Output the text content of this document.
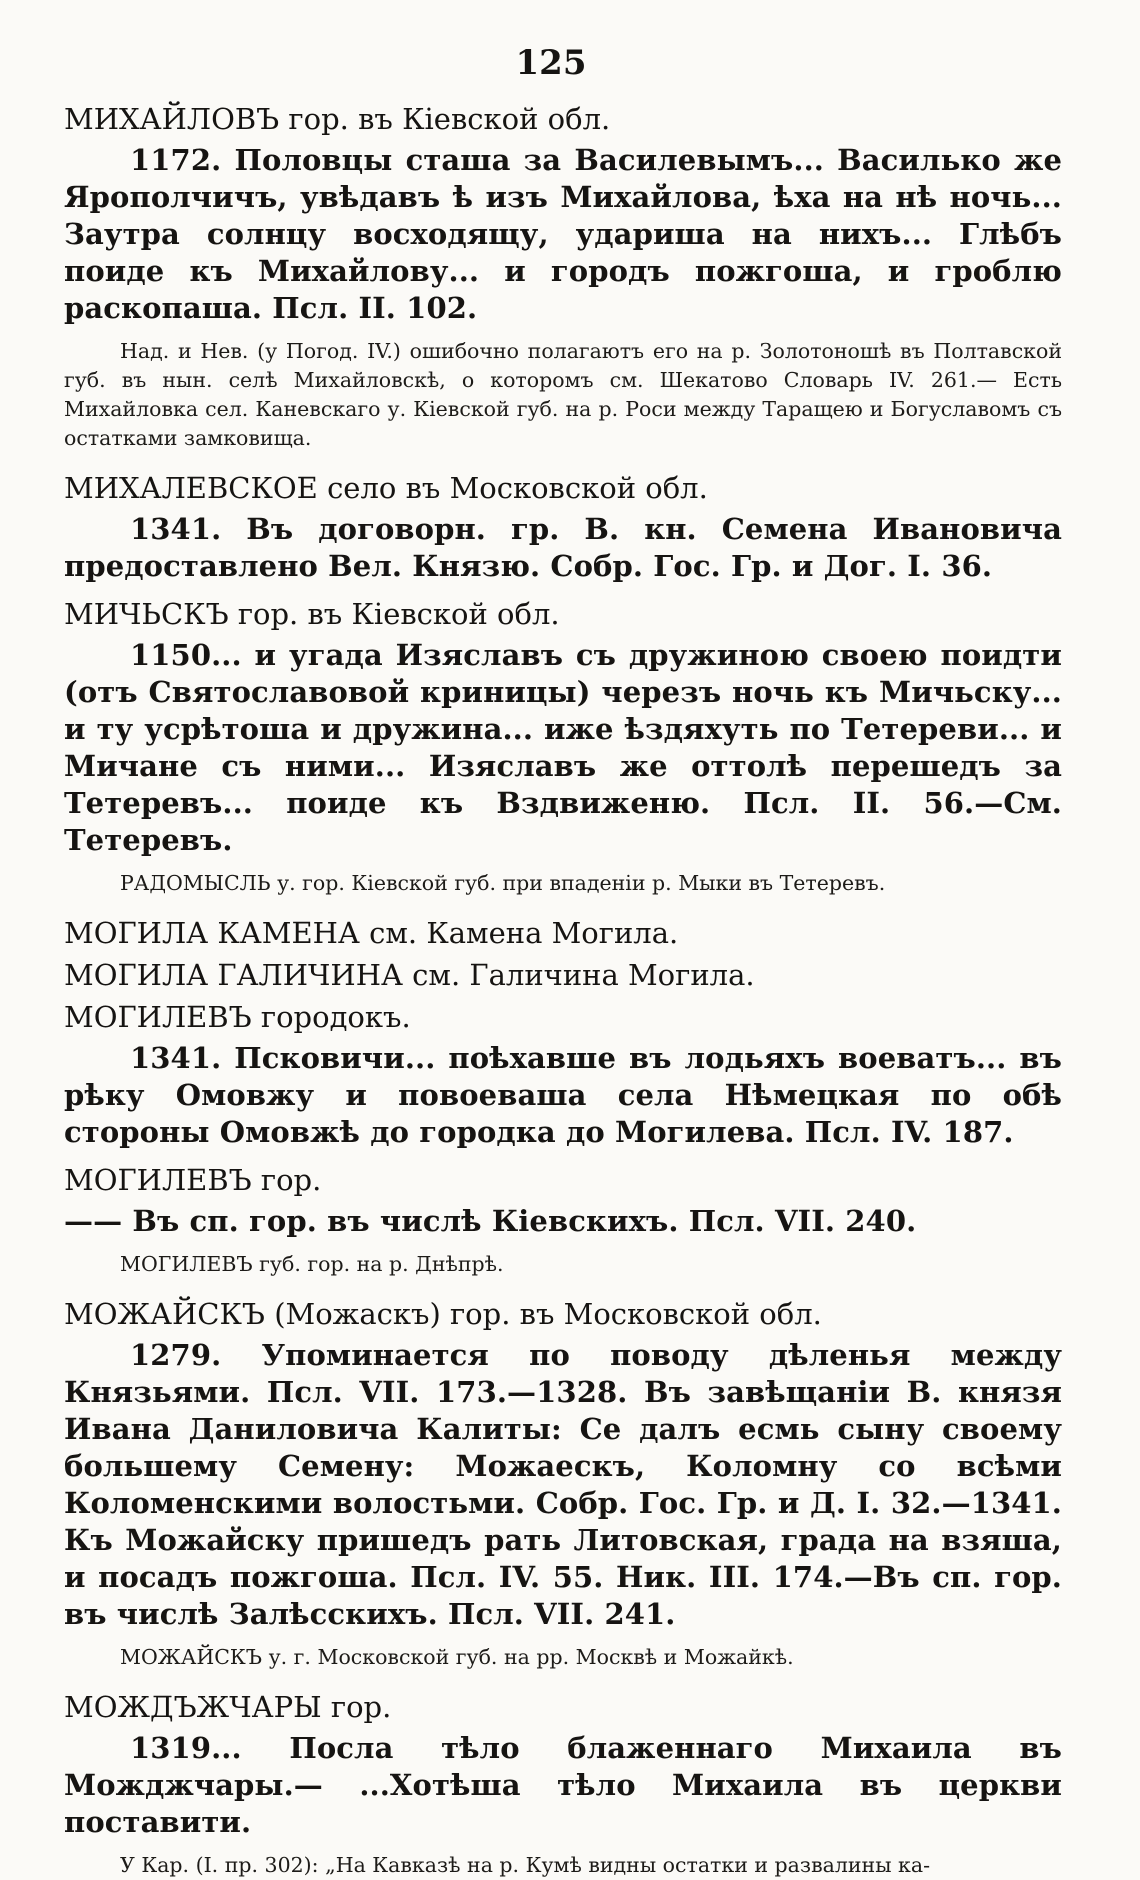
125

МИХАЙЛОВЪ гор. въ Кiевской обл.

1172. Половцы сташа за Василевымъ... Василько же Ярополчичъ, увѣдавъ ѣ изъ Михайлова, ѣха на нѣ ночь... Заутра солнцу восходящу, удариша на нихъ... Глѣбъ поиде къ Михайлову... и городъ пожгоша, и гроблю раскопаша. Псл. II. 102.

Над. и Нев. (у Погод. IV.) ошибочно полагаютъ его на р. Золотоношѣ въ Полтавской губ. въ нын. селѣ Михайловскѣ, о которомъ см. Шекатово Словарь IV. 261.— Есть Михайловка сел. Каневскаго у. Кiевской губ. на р. Роси между Таращею и Богуславомъ съ остатками замковища.

МИХАЛЕВСКОЕ село въ Московской обл.

1341. Въ договорн. гр. В. кн. Семена Ивановича предоставлено Вел. Князю. Собр. Гос. Гр. и Дог. I. 36.

МИЧЬСКЪ гор. въ Кiевской обл.

1150... и угада Изяславъ съ дружиною своею поидти (отъ Святославовой криницы) черезъ ночь къ Мичьску... и ту усрѣтоша и дружина... иже ѣздяхуть по Тетереви... и Мичане съ ними... Изяславъ же оттолѣ перешедъ за Тетеревъ... поиде къ Вздвиженю. Псл. II. 56.—См. Тетеревъ.

РАДОМЫСЛЬ у. гор. Кiевской губ. при впаденiи р. Мыки въ Тетеревъ.

МОГИЛА КАМЕНА см. Камена Могила.

МОГИЛА ГАЛИЧИНА см. Галичина Могила.

МОГИЛЕВЪ городокъ.

1341. Псковичи... поѣхавше въ лодьяхъ воеватъ... въ рѣку Омовжу и повоеваша села Нѣмецкая по обѣ стороны Омовжѣ до городка до Могилева. Псл. IV. 187.

МОГИЛЕВЪ гор.

—— Въ сп. гор. въ числѣ Кiевскихъ. Псл. VII. 240.

МОГИЛЕВЪ губ. гор. на р. Днѣпрѣ.

МОЖАЙСКЪ (Можаскъ) гор. въ Московской обл.

1279. Упоминается по поводу дѣленья между Князьями. Псл. VII. 173.—1328. Въ завѣщанiи В. князя Ивана Даниловича Калиты: Се далъ есмь сыну своему большему Семену: Можаескъ, Коломну со всѣми Коломенскими волостьми. Собр. Гос. Гр. и Д. I. 32.—1341. Къ Можайску пришедъ рать Литовская, града на взяша, и посадъ пожгоша. Псл. IV. 55. Ник. III. 174.—Въ сп. гор. въ числѣ Залѣсскихъ. Псл. VII. 241.

МОЖАЙСКЪ у. г. Московской губ. на рр. Москвѣ и Можайкѣ.

МОЖДЪЖЧАРЫ гор.

1319... Посла тѣло блаженнаго Михаила въ Можджчары.— ...Хотѣша тѣло Михаила въ церкви поставити.

У Кар. (I. пр. 302): „На Кавказѣ на р. Кумѣ видны остатки и развалины ка-
